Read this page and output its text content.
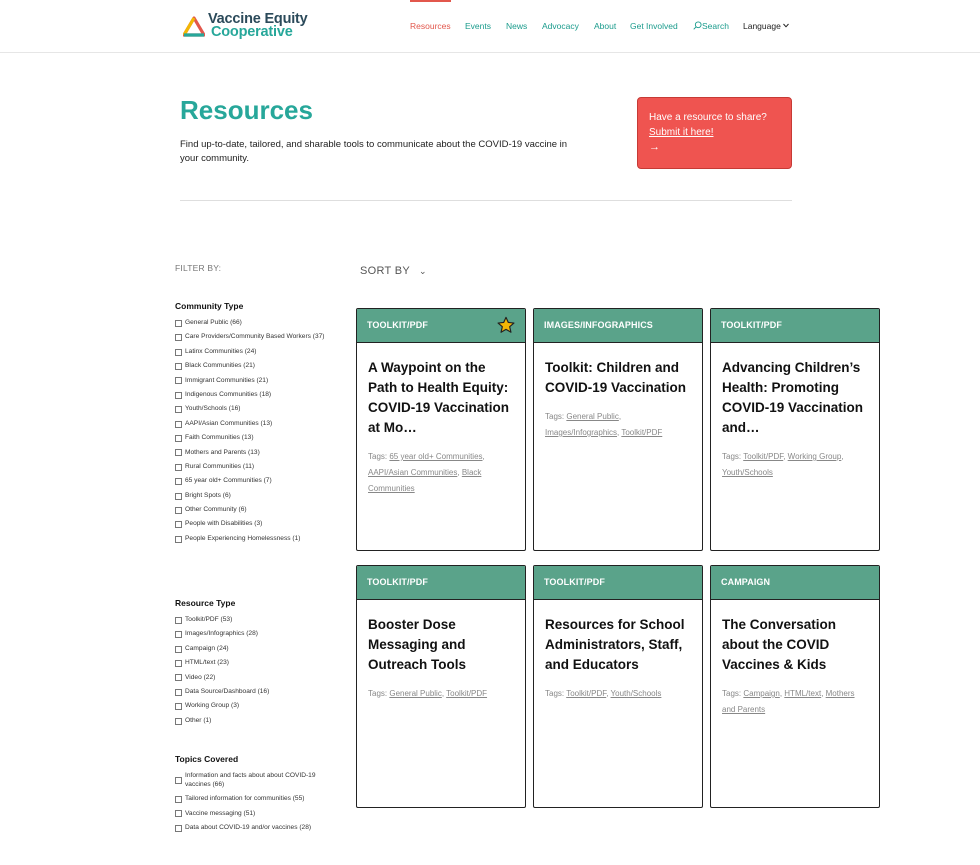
Vaccine Equity
Cooperative	Resources Events News Advocacy About Get Involved	Search Language
Resources

Find up-to-date, tailored, and sharable tools to communicate about the COVID-19 vaccine in your community.

Have a resource to share?
Submit it here!
→
FILTER BY:
Community Type
General Public (66)
Care Providers/Community Based Workers (37)
Latinx Communities (24)
Black Communities (21)
Immigrant Communities (21)
Indigenous Communities (18)
Youth/Schools (16)
AAPI/Asian Communities (13)
Faith Communities (13)
Mothers and Parents (13)
Rural Communities (11)
65 year old+ Communities (7)
Bright Spots (6)
Other Community (6)
People with Disabilities (3)
People Experiencing Homelessness (1)
Resource Type
Toolkit/PDF (53)
Images/Infographics (28)
Campaign (24)
HTML/text (23)
Video (22)
Data Source/Dashboard (16)
Working Group (3)
Other (1)
Topics Covered
Information and facts about about COVID-19 vaccines (66)
Tailored information for communities (55)
Vaccine messaging (51)
Data about COVID-19 and/or vaccines (28)
SORT BY ⌄
TOOLKIT/PDF
A Waypoint on the Path to Health Equity: COVID-19 Vaccination at Mo…
Tags: 65 year old+ Communities, AAPI/Asian Communities, Black Communities
IMAGES/INFOGRAPHICS
Toolkit: Children and COVID-19 Vaccination
Tags: General Public, Images/Infographics, Toolkit/PDF
TOOLKIT/PDF
Advancing Children’s Health: Promoting COVID-19 Vaccination and…
Tags: Toolkit/PDF, Working Group, Youth/Schools
TOOLKIT/PDF
Booster Dose Messaging and Outreach Tools
Tags: General Public, Toolkit/PDF
TOOLKIT/PDF
Resources for School Administrators, Staff, and Educators
Tags: Toolkit/PDF, Youth/Schools
CAMPAIGN
The Conversation about the COVID Vaccines & Kids
Tags: Campaign, HTML/text, Mothers and Parents
